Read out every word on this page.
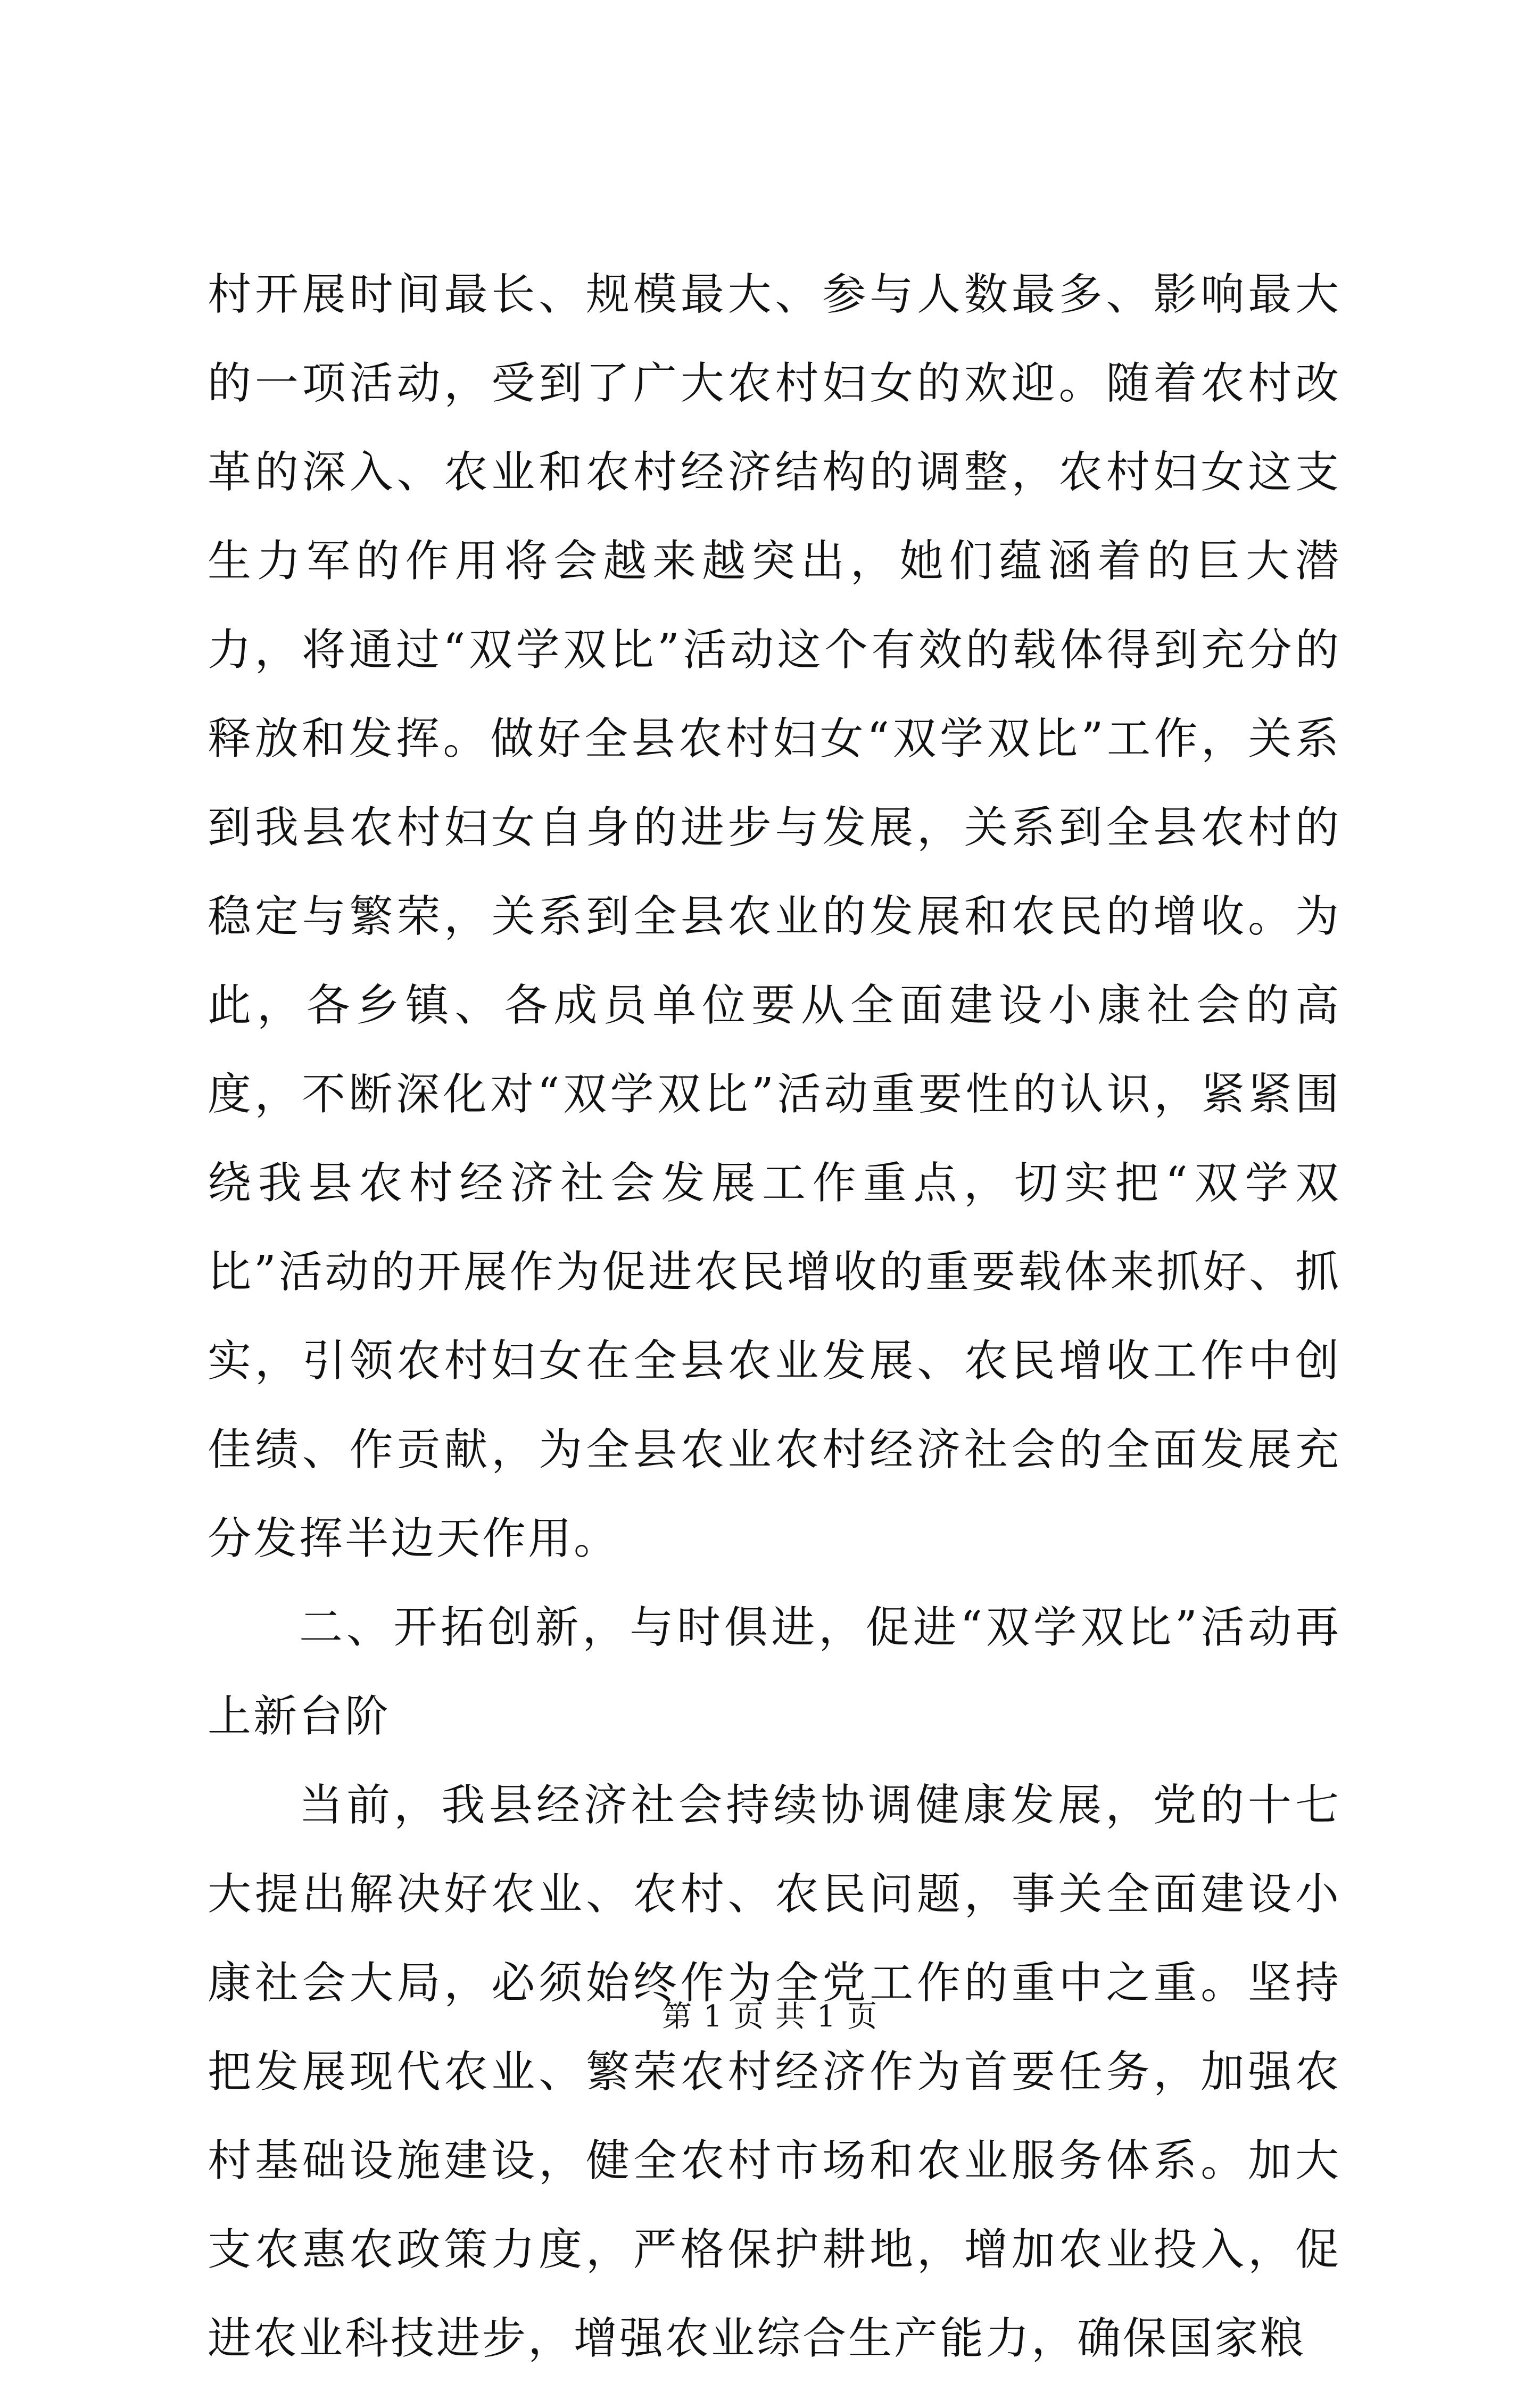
村开展时间最长、规模最大、参与人数最多、影响最大的一项活动，受到了广大农村妇女的欢迎。随着农村改革的深入、农业和农村经济结构的调整，农村妇女这支生力军的作用将会越来越突出，她们蕴涵着的巨大潜力，将通过“双学双比”活动这个有效的载体得到充分的释放和发挥。做好全县农村妇女“双学双比”工作，关系到我县农村妇女自身的进步与发展，关系到全县农村的稳定与繁荣，关系到全县农业的发展和农民的增收。为此，各乡镇、各成员单位要从全面建设小康社会的高度，不断深化对“双学双比”活动重要性的认识，紧紧围绕我县农村经济社会发展工作重点，切实把“双学双比”活动的开展作为促进农民增收的重要载体来抓好、抓实，引领农村妇女在全县农业发展、农民增收工作中创佳绩、作贡献，为全县农业农村经济社会的全面发展充分发挥半边天作用。

二、开拓创新，与时俱进，促进“双学双比”活动再上新台阶

当前，我县经济社会持续协调健康发展，党的十七大提出解决好农业、农村、农民问题，事关全面建设小康社会大局，必须始终作为全党工作的重中之重。坚持把发展现代农业、繁荣农村经济作为首要任务，加强农村基础设施建设，健全农村市场和农业服务体系。加大支农惠农政策力度，严格保护耕地，增加农业投入，促进农业科技进步，增强农业综合生产能力，确保国家粮

第 1 页 共 1 页
